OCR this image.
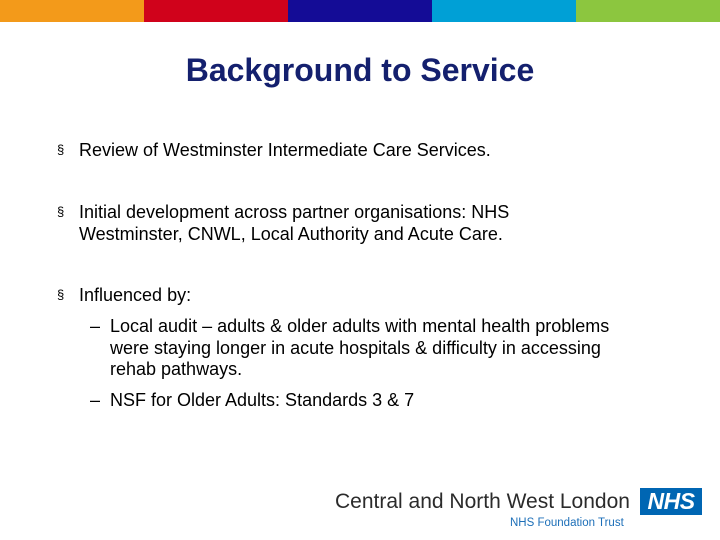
Background to Service
§ Review of Westminster Intermediate Care Services.
§ Initial development across partner organisations: NHS
Westminster, CNWL, Local Authority and Acute Care.
§ Influenced by:
– Local audit – adults & older adults with mental health problems
were staying longer in acute hospitals & difficulty in accessing
rehab pathways.
– NSF for Older Adults: Standards 3 & 7
Central and North West London NHS
NHS Foundation Trust
